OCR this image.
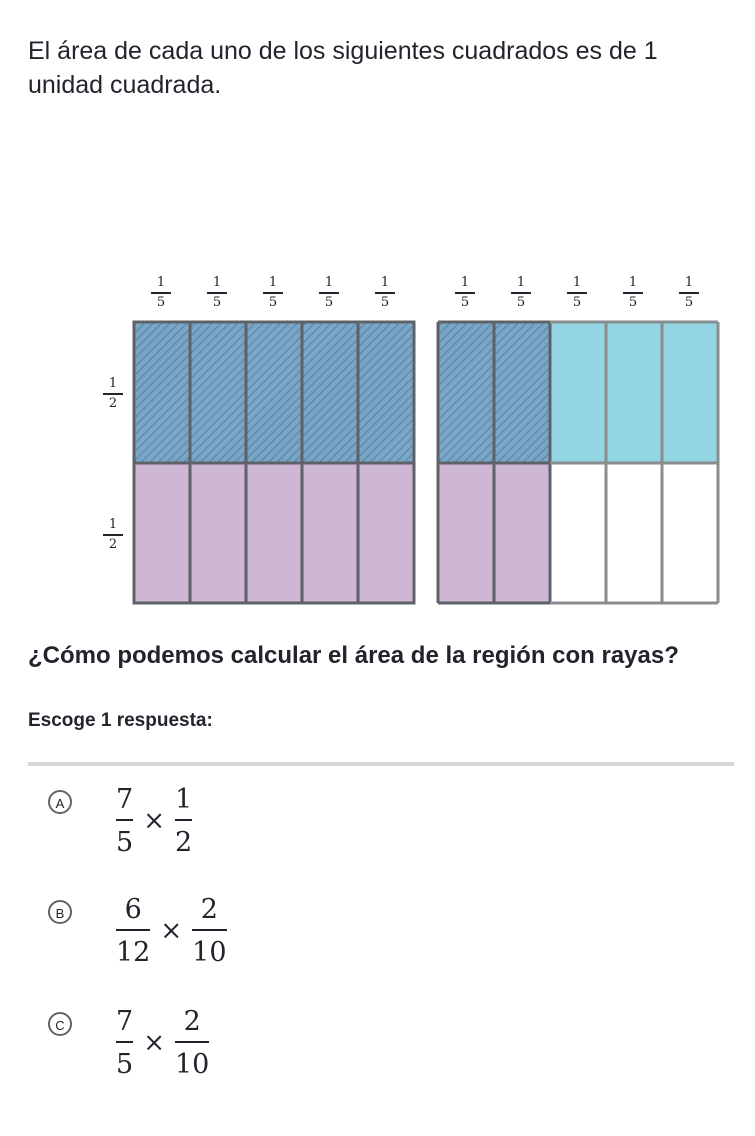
El área de cada uno de los siguientes cuadrados es de 1 unidad cuadrada.
1
5
1
5
1
5
1
5
1
5
1
5
1
5
1
5
1
5
1
5
1
2
1
2
¿Cómo podemos calcular el área de la región con rayas?
Escoge 1 respuesta:
A $\frac{7}{5} \times \frac{1}{2}$
B $\frac{6}{12} \times \frac{2}{10}$
C $\frac{7}{5} \times \frac{2}{10}$
